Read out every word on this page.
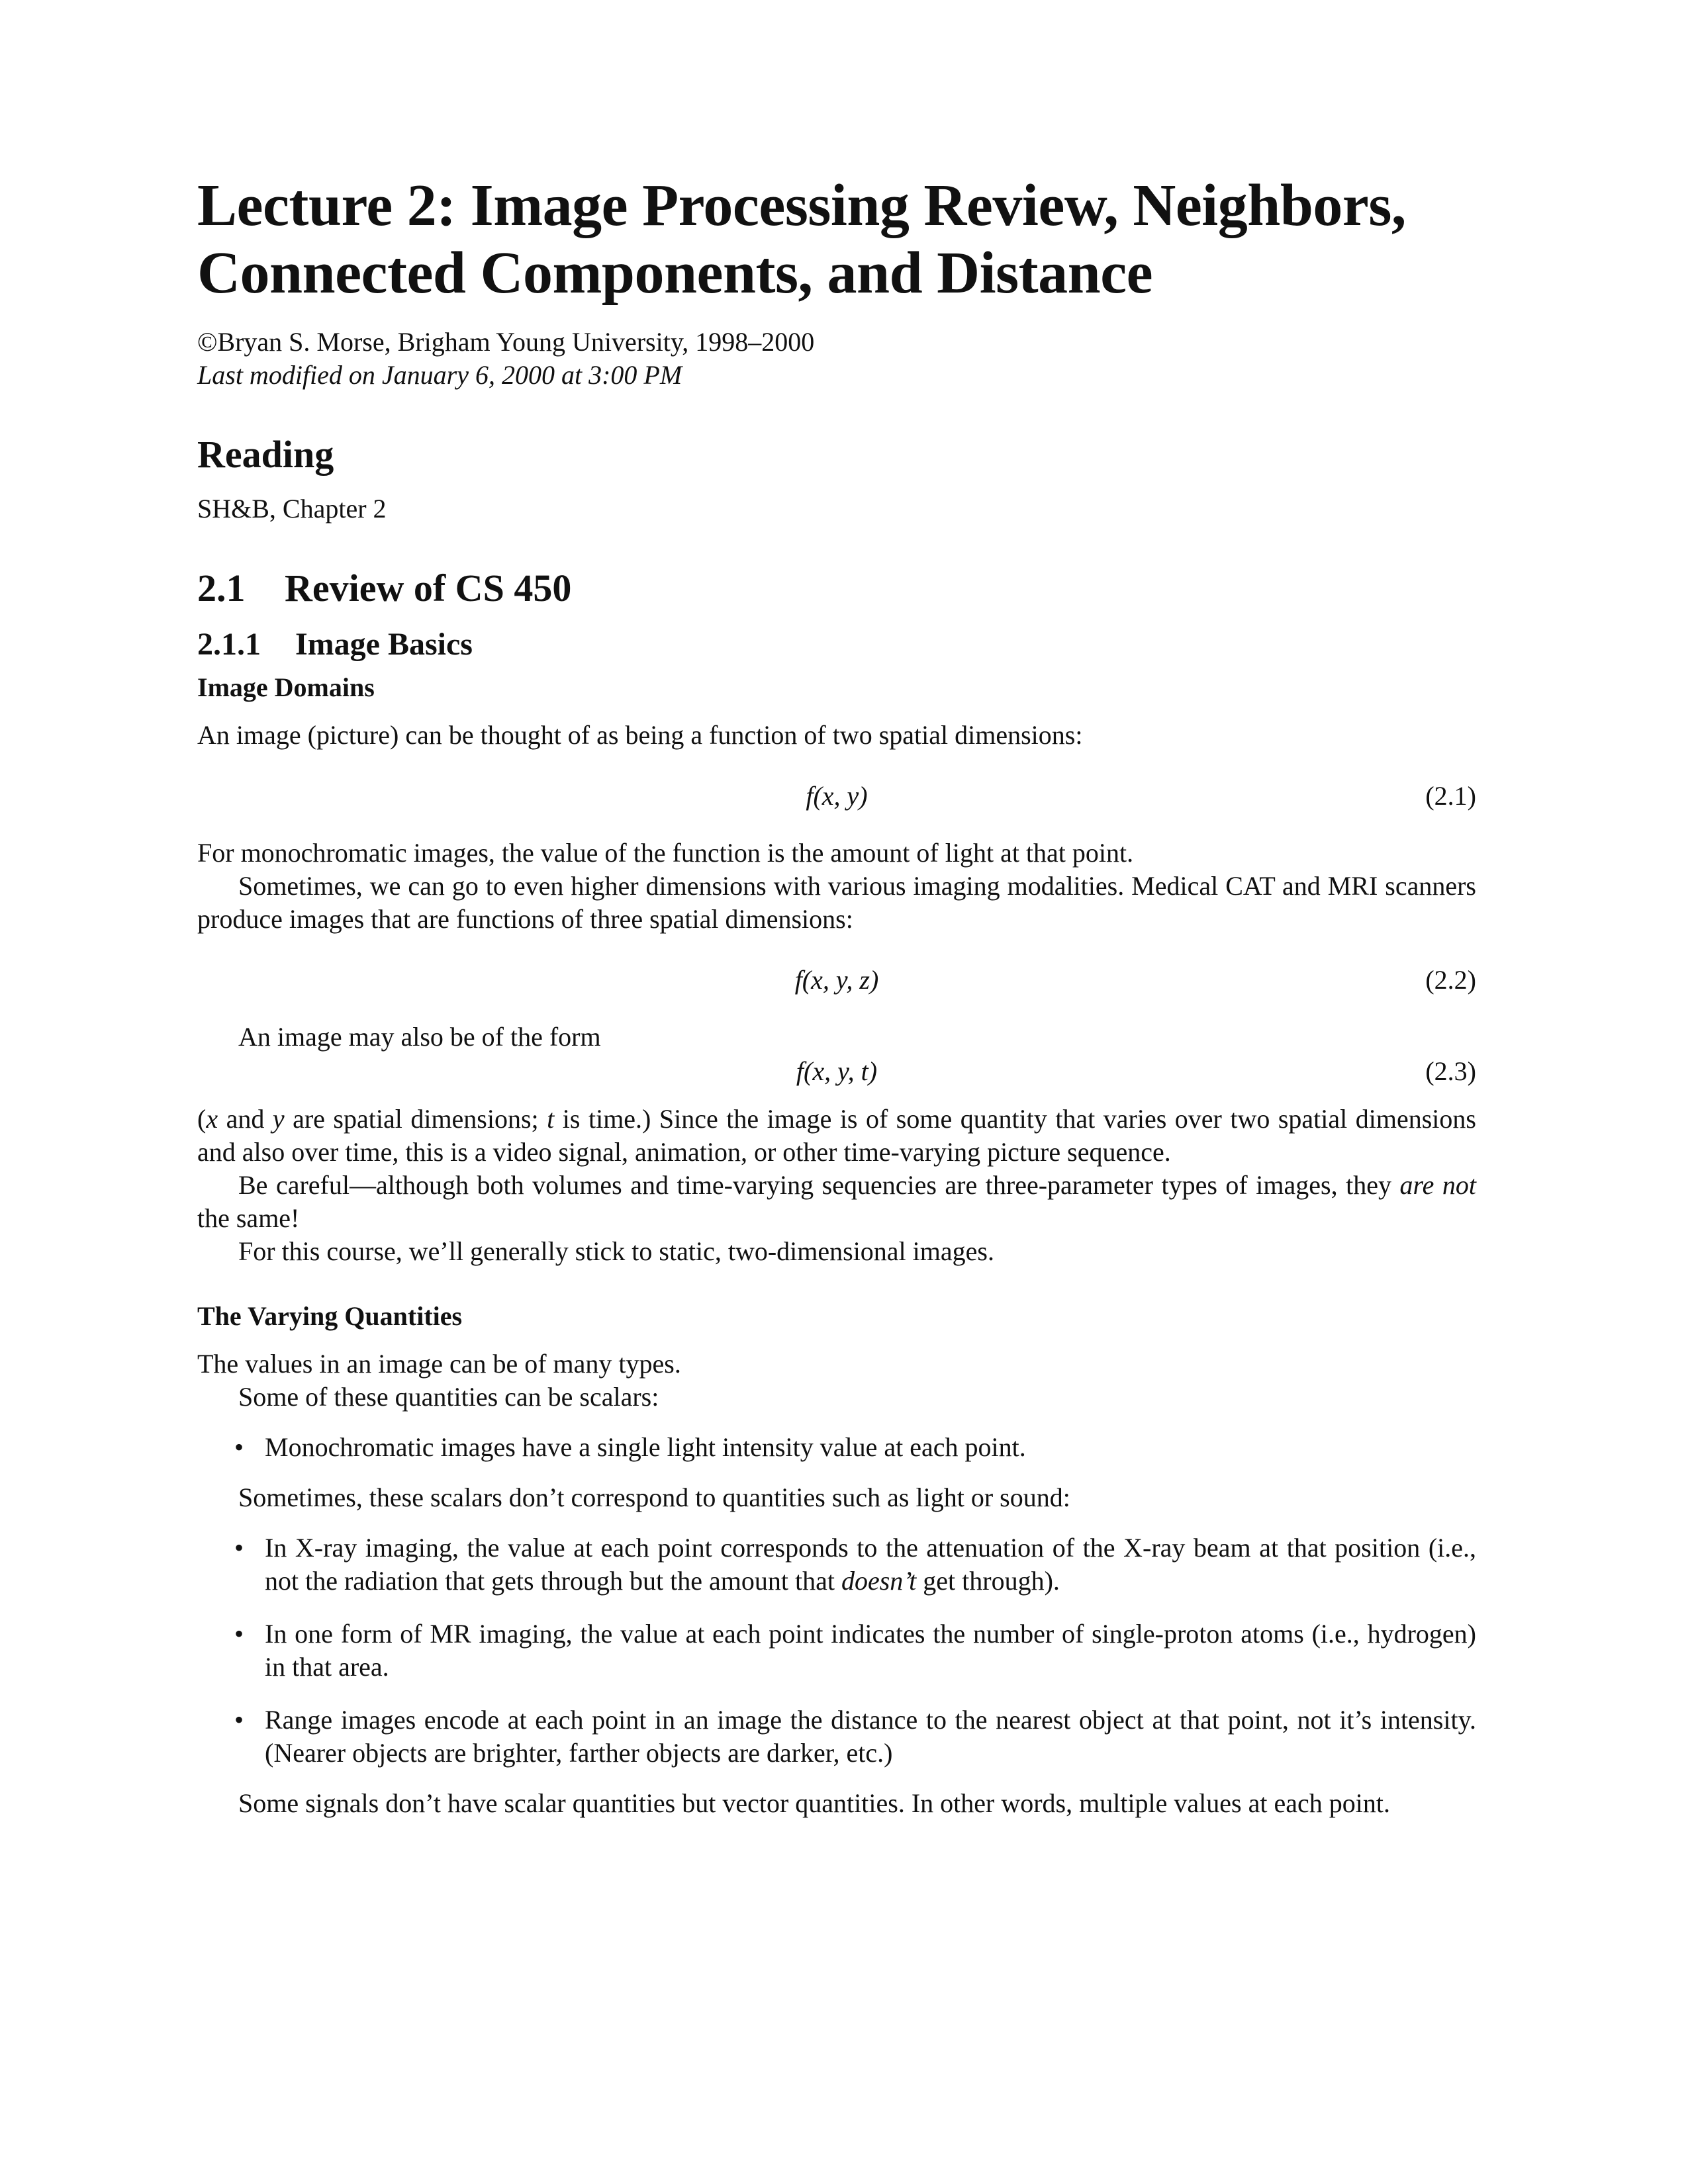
Lecture 2: Image Processing Review, Neighbors,
Connected Components, and Distance
©Bryan S. Morse, Brigham Young University, 1998–2000
Last modified on January 6, 2000 at 3:00 PM
Reading

SH&B, Chapter 2

2.1 Review of CS 450
2.1.1 Image Basics
Image Domains

An image (picture) can be thought of as being a function of two spatial dimensions:

f(x, y)	(2.1)

For monochromatic images, the value of the function is the amount of light at that point.

Sometimes, we can go to even higher dimensions with various imaging modalities. Medical CAT and MRI scanners produce images that are functions of three spatial dimensions:

f(x, y, z)	(2.2)

An image may also be of the form

f(x, y, t)	(2.3)

(x and y are spatial dimensions; t is time.) Since the image is of some quantity that varies over two spatial dimensions and also over time, this is a video signal, animation, or other time-varying picture sequence.

Be careful—although both volumes and time-varying sequencies are three-parameter types of images, they are not the same!

For this course, we’ll generally stick to static, two-dimensional images.

The Varying Quantities

The values in an image can be of many types.

Some of these quantities can be scalars:

• Monochromatic images have a single light intensity value at each point.

Sometimes, these scalars don’t correspond to quantities such as light or sound:

• In X-ray imaging, the value at each point corresponds to the attenuation of the X-ray beam at that position (i.e., not the radiation that gets through but the amount that doesn’t get through).
• In one form of MR imaging, the value at each point indicates the number of single-proton atoms (i.e., hydrogen) in that area.
• Range images encode at each point in an image the distance to the nearest object at that point, not it’s intensity. (Nearer objects are brighter, farther objects are darker, etc.)

Some signals don’t have scalar quantities but vector quantities. In other words, multiple values at each point.
